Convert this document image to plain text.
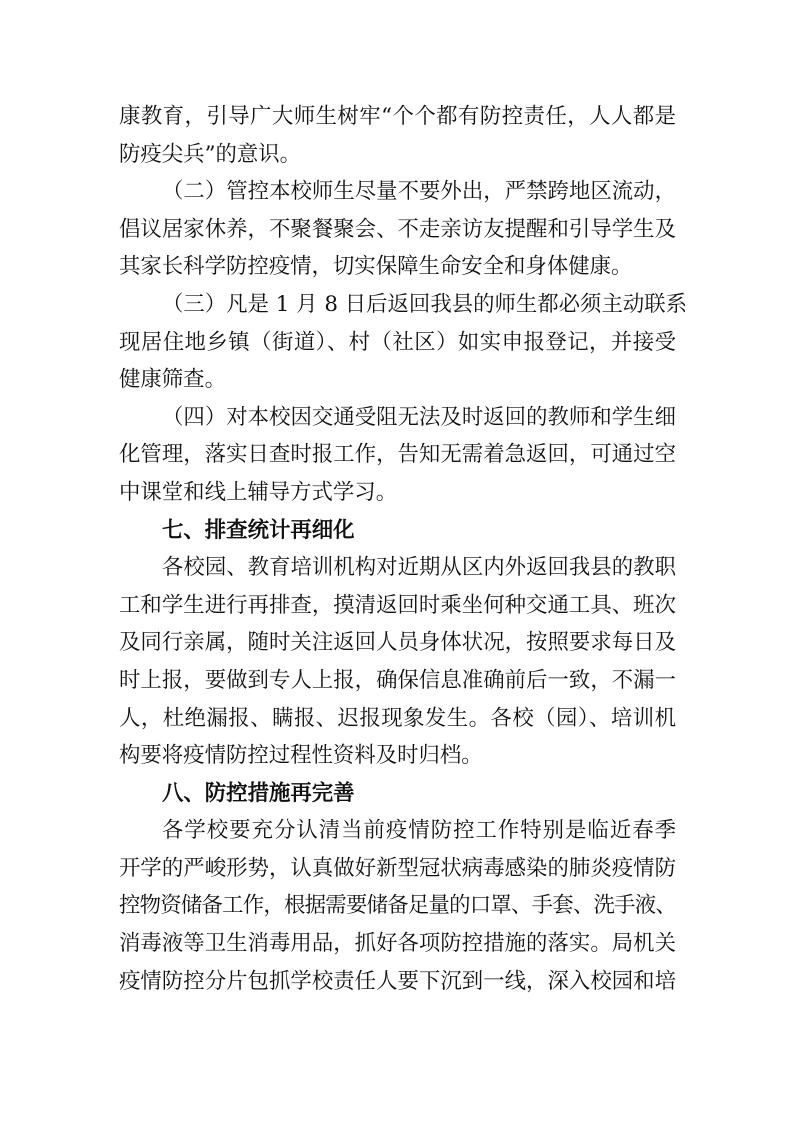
康教育，引导广大师生树牢“个个都有防控责任，人人都是
防疫尖兵”的意识。
（二）管控本校师生尽量不要外出，严禁跨地区流动，
倡议居家休养，不聚餐聚会、不走亲访友提醒和引导学生及
其家长科学防控疫情，切实保障生命安全和身体健康。
（三）凡是 1 月 8 日后返回我县的师生都必须主动联系
现居住地乡镇（街道）、村（社区）如实申报登记，并接受
健康筛查。
（四）对本校因交通受阻无法及时返回的教师和学生细
化管理，落实日查时报工作，告知无需着急返回，可通过空
中课堂和线上辅导方式学习。
七、排查统计再细化
各校园、教育培训机构对近期从区内外返回我县的教职
工和学生进行再排查，摸清返回时乘坐何种交通工具、班次
及同行亲属，随时关注返回人员身体状况，按照要求每日及
时上报，要做到专人上报，确保信息准确前后一致，不漏一
人，杜绝漏报、瞒报、迟报现象发生。各校（园）、培训机
构要将疫情防控过程性资料及时归档。
八、防控措施再完善
各学校要充分认清当前疫情防控工作特别是临近春季
开学的严峻形势，认真做好新型冠状病毒感染的肺炎疫情防
控物资储备工作，根据需要储备足量的口罩、手套、洗手液、
消毒液等卫生消毒用品，抓好各项防控措施的落实。局机关
疫情防控分片包抓学校责任人要下沉到一线，深入校园和培
